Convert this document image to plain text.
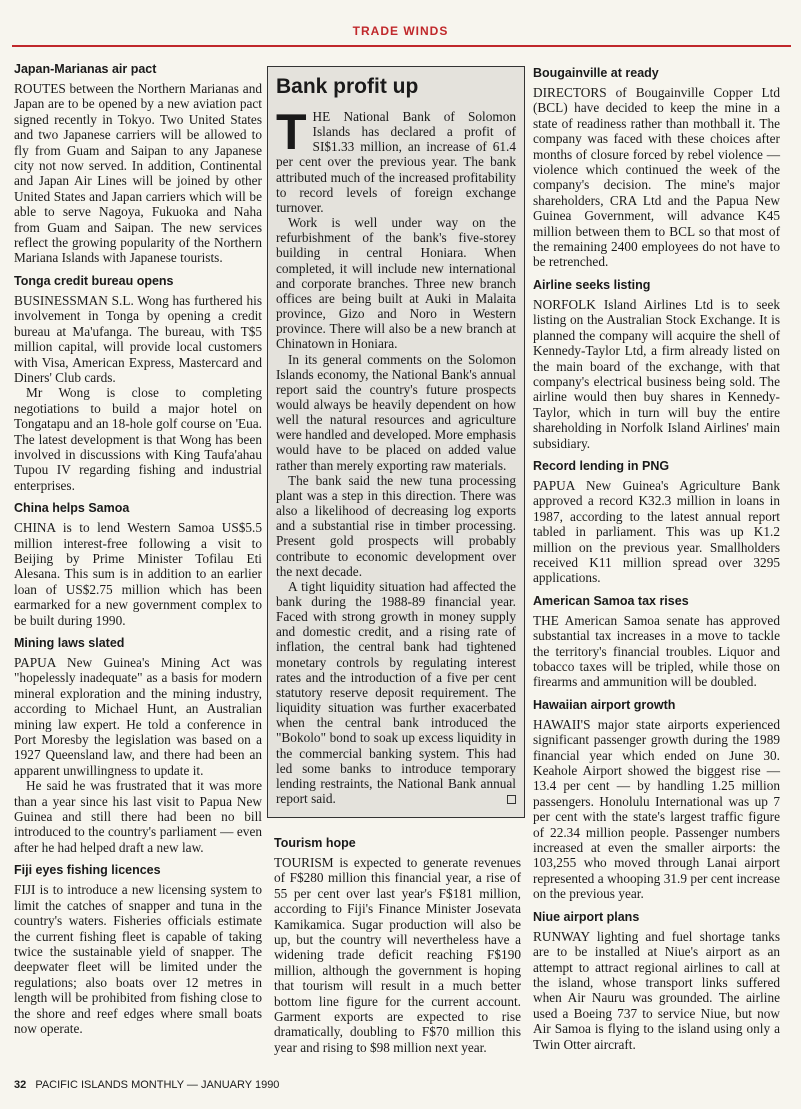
TRADE WINDS
Japan-Marianas air pact

ROUTES between the Northern Marianas and Japan are to be opened by a new aviation pact signed recently in Tokyo. Two United States and two Japanese carriers will be allowed to fly from Guam and Saipan to any Japanese city not now served. In addition, Continental and Japan Air Lines will be joined by other United States and Japan carriers which will be able to serve Nagoya, Fukuoka and Naha from Guam and Saipan. The new services reflect the growing popularity of the Northern Mariana Islands with Japanese tourists.

Tonga credit bureau opens

BUSINESSMAN S.L. Wong has furthered his involvement in Tonga by opening a credit bureau at Ma'ufanga. The bureau, with T$5 million capital, will provide local customers with Visa, American Express, Mastercard and Diners' Club cards.

Mr Wong is close to completing negotiations to build a major hotel on Tongatapu and an 18-hole golf course on 'Eua. The latest development is that Wong has been involved in discussions with King Taufa'ahau Tupou IV regarding fishing and industrial enterprises.

China helps Samoa

CHINA is to lend Western Samoa US$5.5 million interest-free following a visit to Beijing by Prime Minister Tofilau Eti Alesana. This sum is in addition to an earlier loan of US$2.75 million which has been earmarked for a new government complex to be built during 1990.

Mining laws slated

PAPUA New Guinea's Mining Act was "hopelessly inadequate" as a basis for modern mineral exploration and the mining industry, according to Michael Hunt, an Australian mining law expert. He told a conference in Port Moresby the legislation was based on a 1927 Queensland law, and there had been an apparent unwillingness to update it.

He said he was frustrated that it was more than a year since his last visit to Papua New Guinea and still there had been no bill introduced to the country's parliament — even after he had helped draft a new law.

Fiji eyes fishing licences

FIJI is to introduce a new licensing system to limit the catches of snapper and tuna in the country's waters. Fisheries officials estimate the current fishing fleet is capable of taking twice the sustainable yield of snapper. The deepwater fleet will be limited under the regulations; also boats over 12 metres in length will be prohibited from fishing close to the shore and reef edges where small boats now operate.

Bank profit up

THE National Bank of Solomon Islands has declared a profit of SI$1.33 million, an increase of 61.4 per cent over the previous year. The bank attributed much of the increased profitability to record levels of foreign exchange turnover.

Work is well under way on the refurbishment of the bank's five-storey building in central Honiara. When completed, it will include new international and corporate branches. Three new branch offices are being built at Auki in Malaita province, Gizo and Noro in Western province. There will also be a new branch at Chinatown in Honiara.

In its general comments on the Solomon Islands economy, the National Bank's annual report said the country's future prospects would always be heavily dependent on how well the natural resources and agriculture were handled and developed. More emphasis would have to be placed on added value rather than merely exporting raw materials.

The bank said the new tuna processing plant was a step in this direction. There was also a likelihood of decreasing log exports and a substantial rise in timber processing. Present gold prospects will probably contribute to economic development over the next decade.

A tight liquidity situation had affected the bank during the 1988-89 financial year. Faced with strong growth in money supply and domestic credit, and a rising rate of inflation, the central bank had tightened monetary controls by regulating interest rates and the introduction of a five per cent statutory reserve deposit requirement. The liquidity situation was further exacerbated when the central bank introduced the "Bokolo" bond to soak up excess liquidity in the commercial banking system. This had led some banks to introduce temporary lending restraints, the National Bank annual report said.

Tourism hope

TOURISM is expected to generate revenues of F$280 million this financial year, a rise of 55 per cent over last year's F$181 million, according to Fiji's Finance Minister Josevata Kamikamica. Sugar production will also be up, but the country will nevertheless have a widening trade deficit reaching F$190 million, although the government is hoping that tourism will result in a much better bottom line figure for the current account. Garment exports are expected to rise dramatically, doubling to F$70 million this year and rising to $98 million next year.

Bougainville at ready

DIRECTORS of Bougainville Copper Ltd (BCL) have decided to keep the mine in a state of readiness rather than mothball it. The company was faced with these choices after months of closure forced by rebel violence — violence which continued the week of the company's decision. The mine's major shareholders, CRA Ltd and the Papua New Guinea Government, will advance K45 million between them to BCL so that most of the remaining 2400 employees do not have to be retrenched.

Airline seeks listing

NORFOLK Island Airlines Ltd is to seek listing on the Australian Stock Exchange. It is planned the company will acquire the shell of Kennedy-Taylor Ltd, a firm already listed on the main board of the exchange, with that company's electrical business being sold. The airline would then buy shares in Kennedy-Taylor, which in turn will buy the entire shareholding in Norfolk Island Airlines' main subsidiary.

Record lending in PNG

PAPUA New Guinea's Agriculture Bank approved a record K32.3 million in loans in 1987, according to the latest annual report tabled in parliament. This was up K1.2 million on the previous year. Smallholders received K11 million spread over 3295 applications.

American Samoa tax rises

THE American Samoa senate has approved substantial tax increases in a move to tackle the territory's financial troubles. Liquor and tobacco taxes will be tripled, while those on firearms and ammunition will be doubled.

Hawaiian airport growth

HAWAII'S major state airports experienced significant passenger growth during the 1989 financial year which ended on June 30. Keahole Airport showed the biggest rise — 13.4 per cent — by handling 1.25 million passengers. Honolulu International was up 7 per cent with the state's largest traffic figure of 22.34 million people. Passenger numbers increased at even the smaller airports: the 103,255 who moved through Lanai airport represented a whooping 31.9 per cent increase on the previous year.

Niue airport plans

RUNWAY lighting and fuel shortage tanks are to be installed at Niue's airport as an attempt to attract regional airlines to call at the island, whose transport links suffered when Air Nauru was grounded. The airline used a Boeing 737 to service Niue, but now Air Samoa is flying to the island using only a Twin Otter aircraft.

32 PACIFIC ISLANDS MONTHLY — JANUARY 1990
